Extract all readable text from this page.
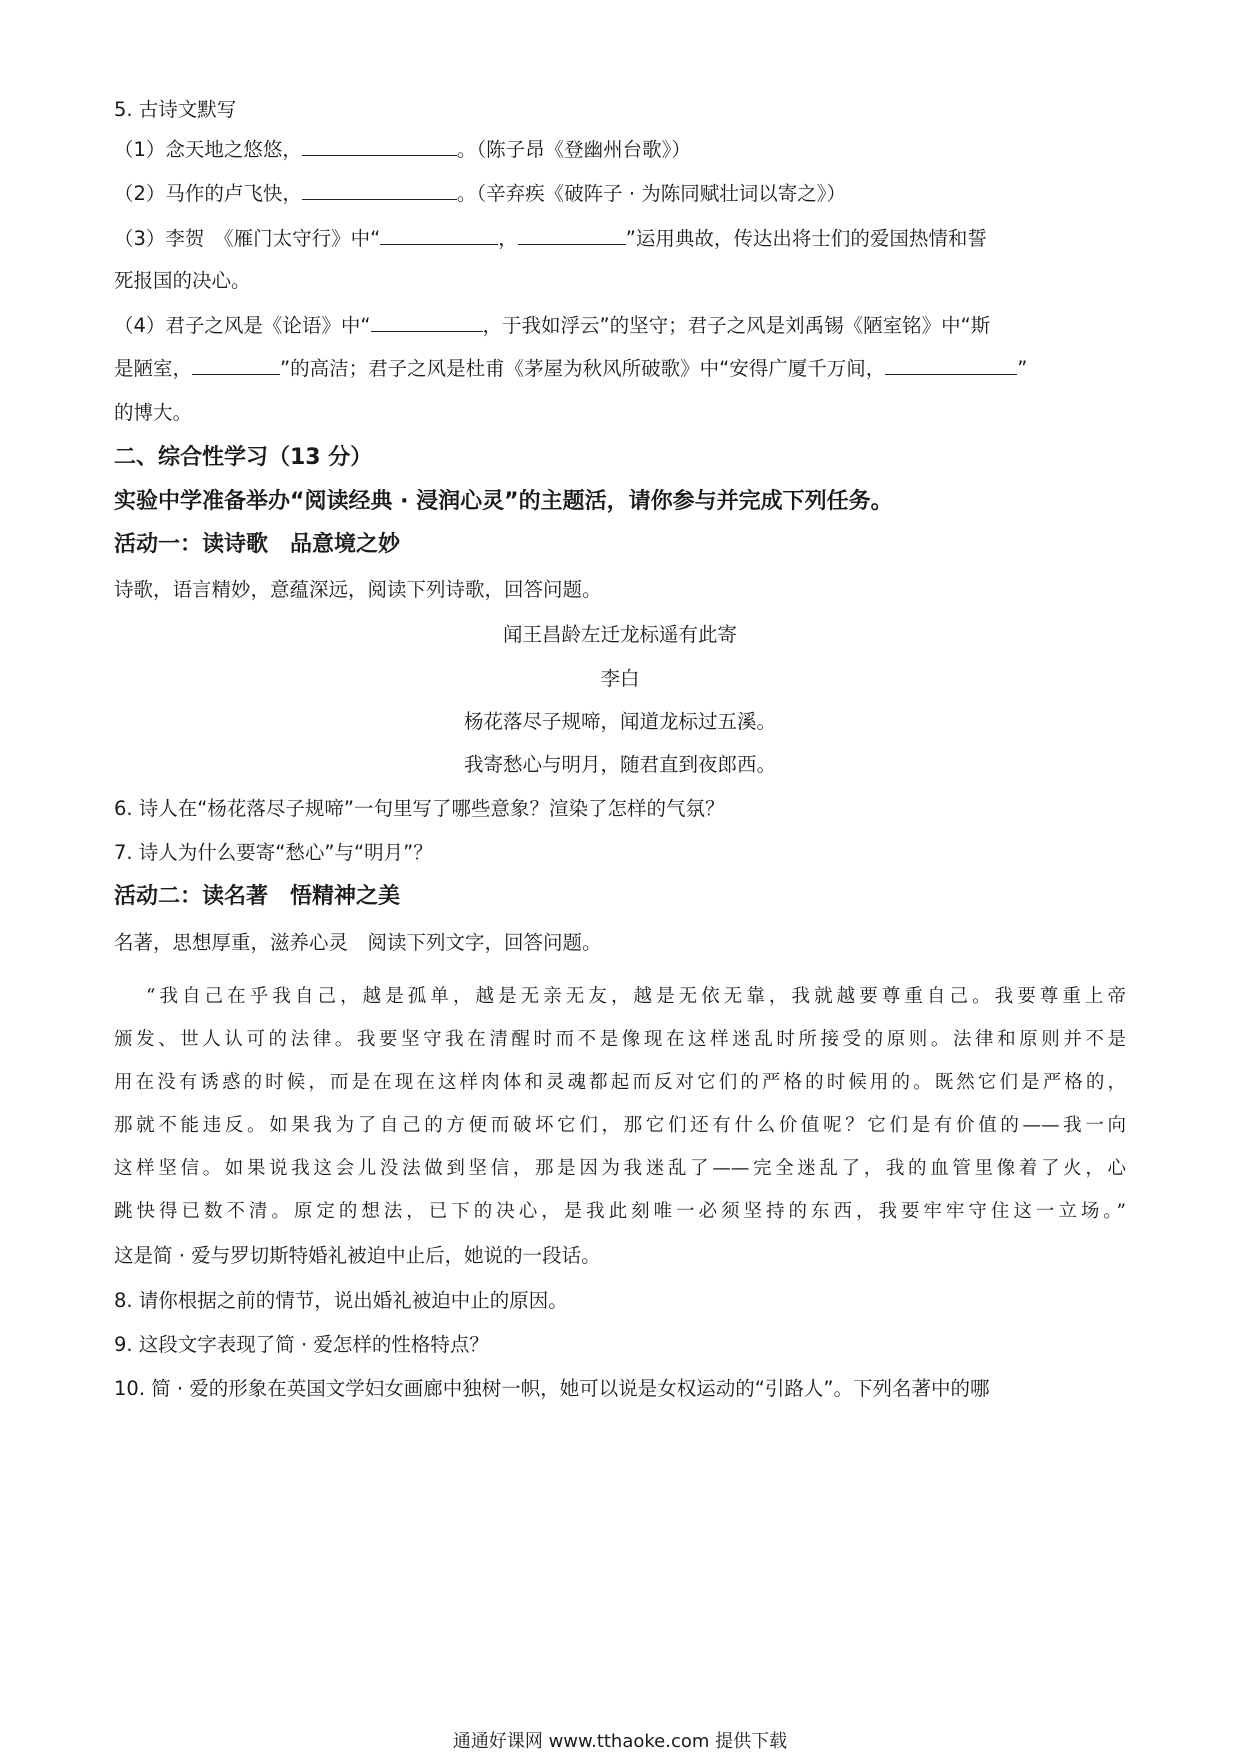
5. 古诗文默写
（1）念天地之悠悠，	。（陈子昂《登幽州台歌》）
（2）马作的卢飞快，	。（辛弃疾《破阵子 · 为陈同赋壮词以寄之》）
（3）李贺　《雁门太守行》中“	，	”运用典故，传达出将士们的爱国热情和誓
死报国的决心。
（4）君子之风是《论语》中“	，于我如浮云”的坚守；君子之风是刘禹锡《陋室铭》中“斯
是陋室，	”的高洁；君子之风是杜甫《茅屋为秋风所破歌》中“安得广厦千万间，	”
的博大。
二、综合性学习（13 分）
实验中学准备举办“阅读经典 · 浸润心灵”的主题活，请你参与并完成下列任务。
活动一：读诗歌　品意境之妙
诗歌，语言精妙，意蕴深远，阅读下列诗歌，回答问题。
闻王昌龄左迁龙标遥有此寄
李白
杨花落尽子规啼，闻道龙标过五溪。
我寄愁心与明月，随君直到夜郎西。
6. 诗人在“杨花落尽子规啼”一句里写了哪些意象？渲染了怎样的气氛？
7. 诗人为什么要寄“愁心”与“明月”？
活动二：读名著　悟精神之美
名著，思想厚重，滋养心灵　阅读下列文字，回答问题。
“我自己在乎我自己，越是孤单，越是无亲无友，越是无依无靠，我就越要尊重自己。我要尊重上帝
颁发、世人认可的法律。我要坚守我在清醒时而不是像现在这样迷乱时所接受的原则。法律和原则并不是
用在没有诱惑的时候，而是在现在这样肉体和灵魂都起而反对它们的严格的时候用的。既然它们是严格的，
那就不能违反。如果我为了自己的方便而破坏它们，那它们还有什么价值呢？它们是有价值的——我一向
这样坚信。如果说我这会儿没法做到坚信，那是因为我迷乱了——完全迷乱了，我的血管里像着了火，心
跳快得已数不清。原定的想法，已下的决心，是我此刻唯一必须坚持的东西，我要牢牢守住这一立场。”
这是简 · 爱与罗切斯特婚礼被迫中止后，她说的一段话。
8. 请你根据之前的情节，说出婚礼被迫中止的原因。
9. 这段文字表现了简 · 爱怎样的性格特点？
10. 简 · 爱的形象在英国文学妇女画廊中独树一帜，她可以说是女权运动的“引路人”。下列名著中的哪
通通好课网 www.tthaoke.com 提供下载
